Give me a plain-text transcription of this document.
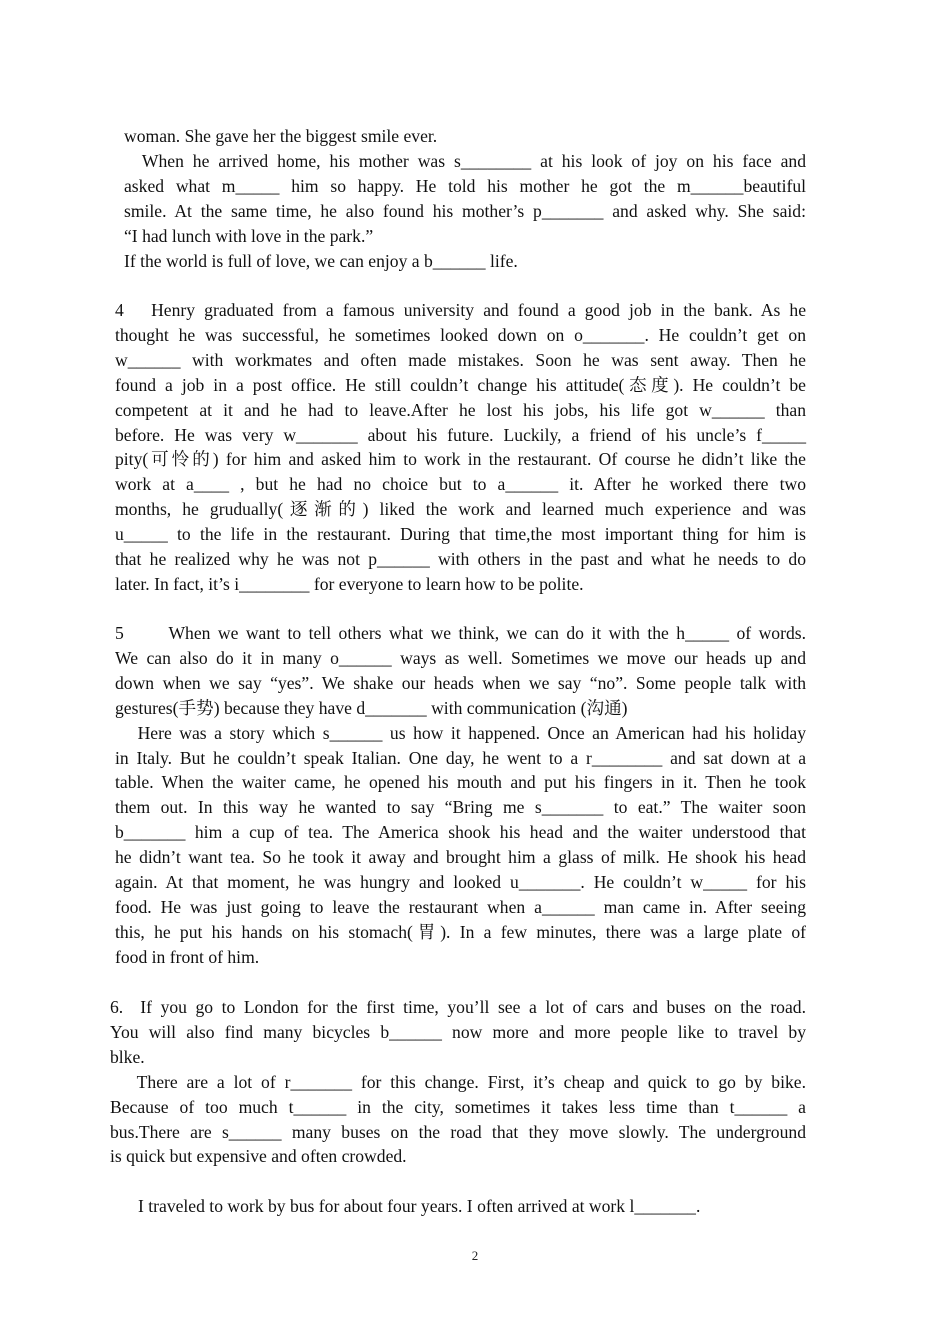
woman. She gave her the biggest smile ever.
When he arrived home, his mother was s________ at his look of joy on his face and
asked what m_____ him so happy. He told his mother he got the m______beautiful
smile. At the same time, he also found his mother’s p_______ and asked why. She said:
“I had lunch with love in the park.”
If the world is full of love, we can enjoy a b______ life.
4   Henry graduated from a famous university and found a good job in the bank. As he
thought he was successful, he sometimes looked down on o_______. He couldn’t get on
w______ with workmates and often made mistakes. Soon he was sent away. Then he
found a job in a post office. He still couldn’t change his attitude(态度). He couldn’t be
competent at it and he had to leave.After he lost his jobs, his life got w______ than
before. He was very w_______ about his future. Luckily, a friend of his uncle’s f_____
pity(可怜的) for him and asked him to work in the restaurant. Of course he didn’t like the
work at a____ , but he had no choice but to a______ it. After he worked there two
months, he grudually(逐渐的) liked the work and learned much experience and was
u_____ to the life in the restaurant. During that time,the most important thing for him is
that he realized why he was not p______ with others in the past and what he needs to do
later. In fact, it’s i________ for everyone to learn how to be polite.
5      When we want to tell others what we think, we can do it with the h_____ of words.
We can also do it in many o______ ways as well. Sometimes we move our heads up and
down when we say “yes”. We shake our heads when we say “no”. Some people talk with
gestures(手势) because they have d_______ with communication (沟通)
Here was a story which s______ us how it happened. Once an American had his holiday
in Italy. But he couldn’t speak Italian. One day, he went to a r________ and sat down at a
table. When the waiter came, he opened his mouth and put his fingers in it. Then he took
them out. In this way he wanted to say “Bring me s_______ to eat.” The waiter soon
b_______ him a cup of tea. The America shook his head and the waiter understood that
he didn’t want tea. So he took it away and brought him a glass of milk. He shook his head
again. At that moment, he was hungry and looked u_______. He couldn’t w_____ for his
food. He was just going to leave the restaurant when a______ man came in. After seeing
this, he put his hands on his stomach(胃). In a few minutes, there was a large plate of
food in front of him.
6.  If you go to London for the first time, you’ll see a lot of cars and buses on the road.
You will also find many bicycles b______ now more and more people like to travel by
blke.
There are a lot of r_______ for this change. First, it’s cheap and quick to go by bike.
Because of too much t______ in the city, sometimes it takes less time than t______ a
bus.There are s______ many buses on the road that they move slowly. The underground
is quick but expensive and often crowded.
I traveled to work by bus for about four years. I often arrived at work l_______.
2
